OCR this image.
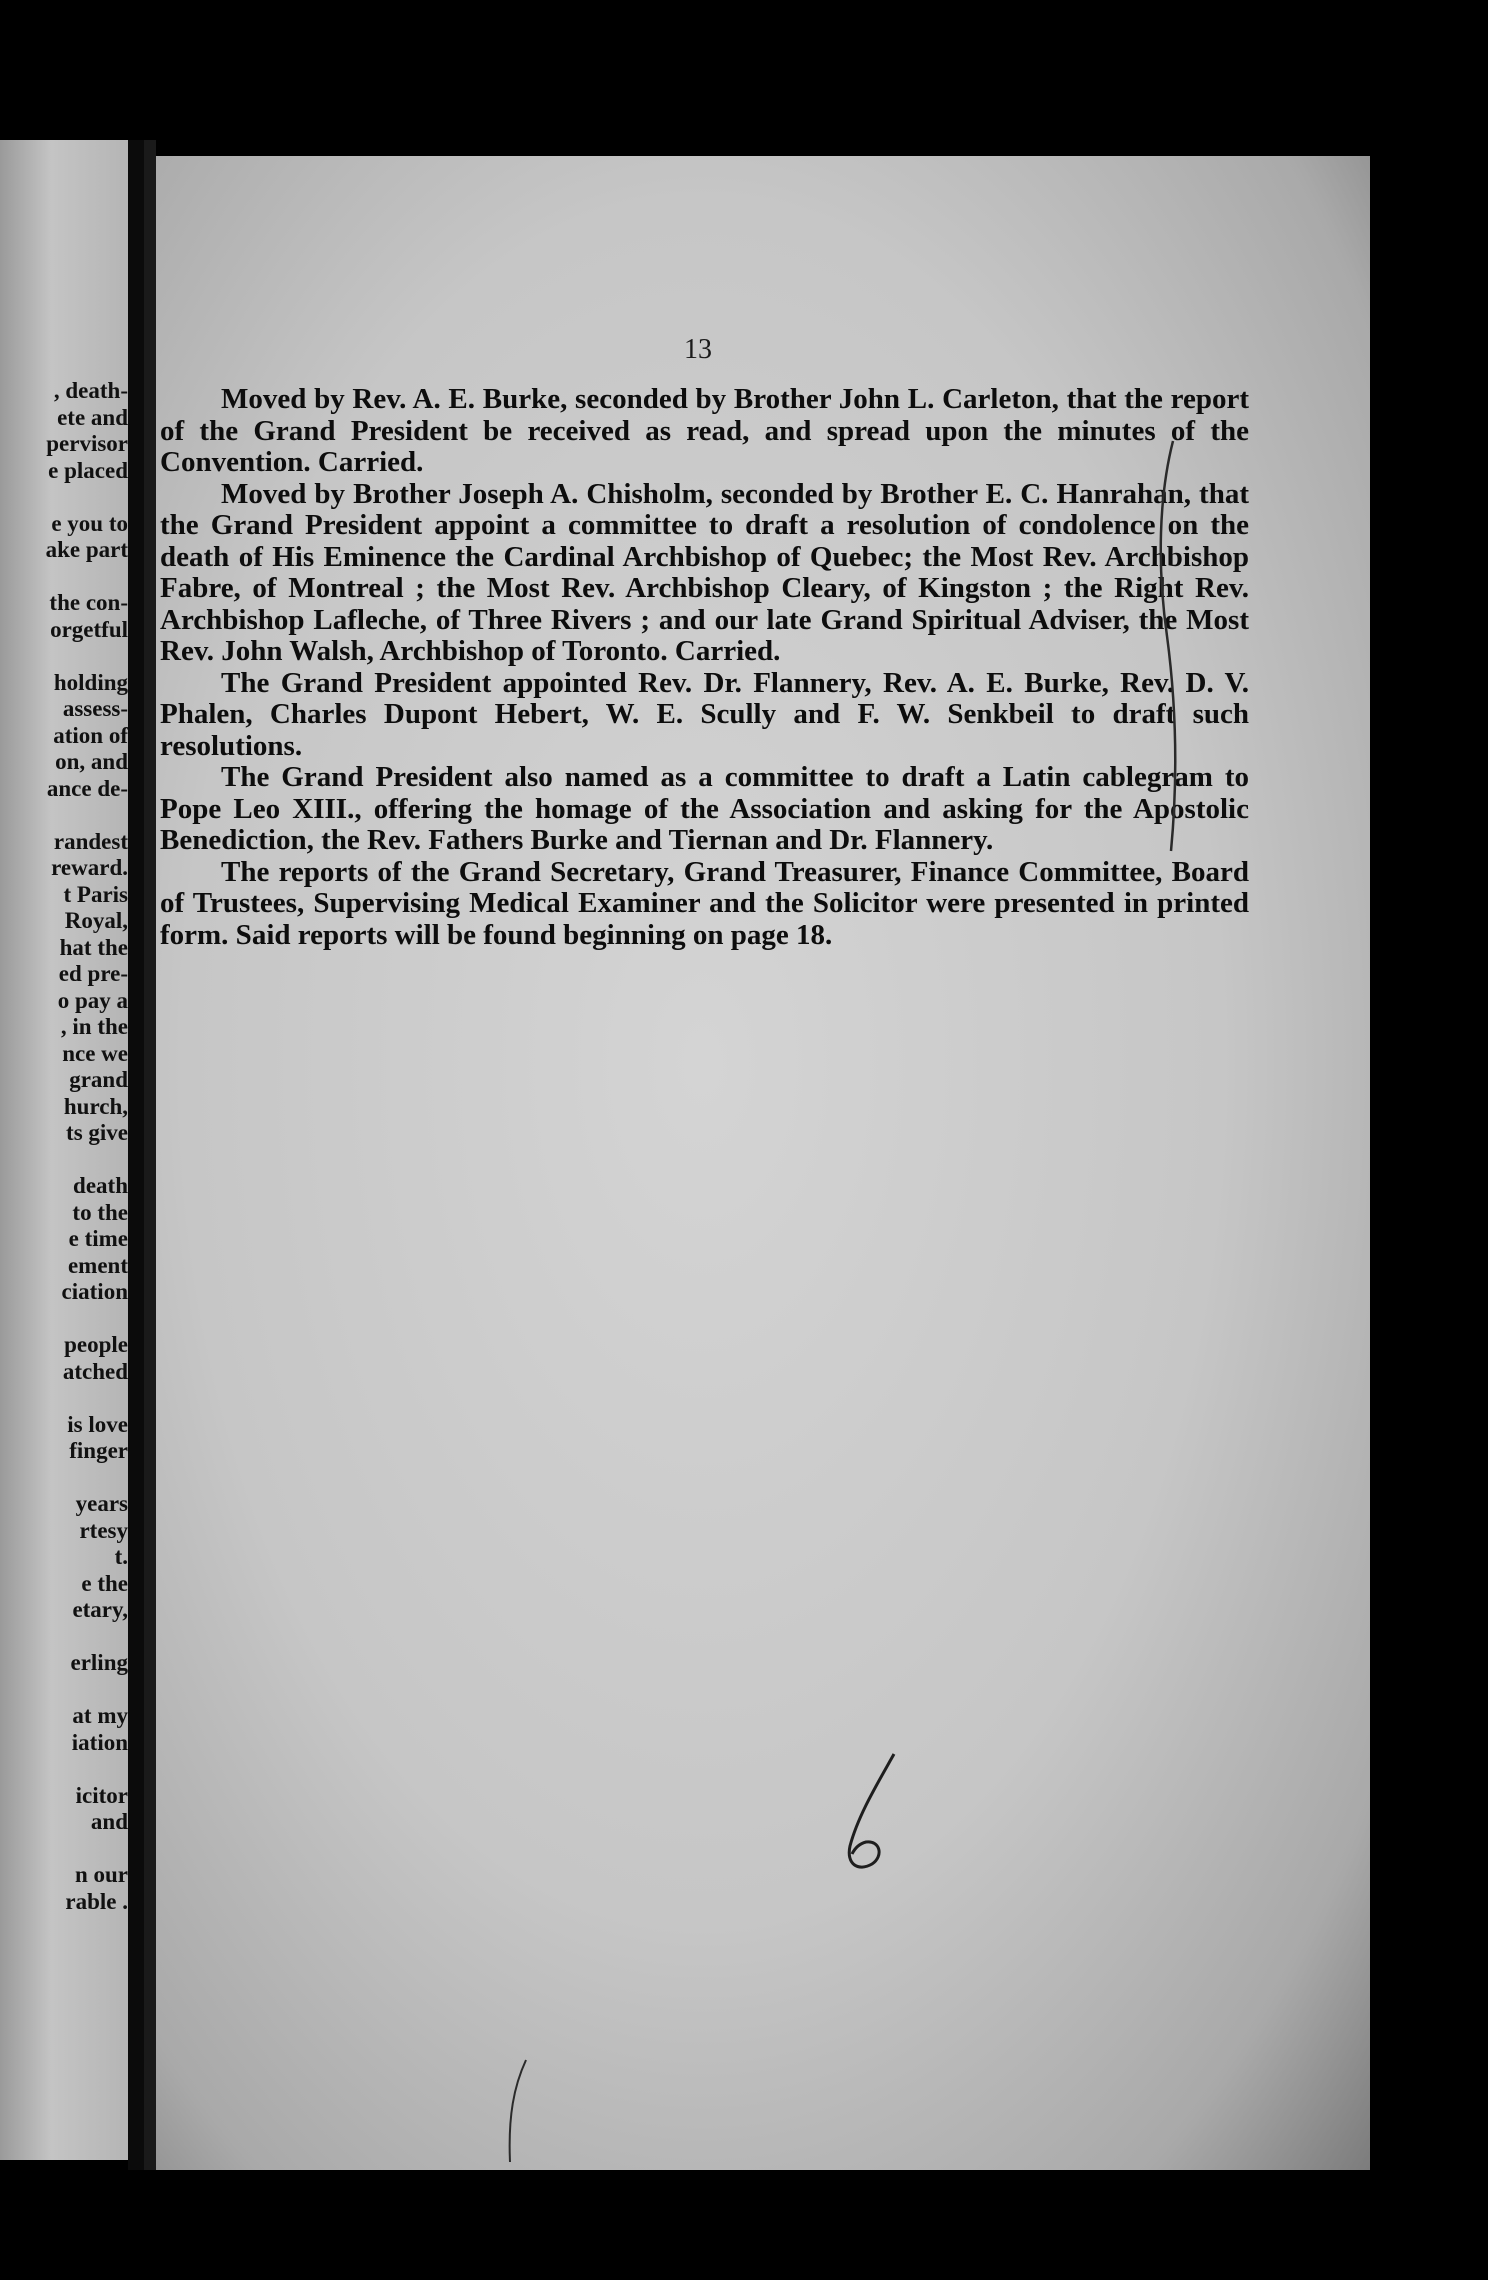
, death-
ete and
pervisor
e placed
e you to
ake part
the con-
orgetful
holding
assess-
ation of
on, and
ance de-
randest
reward.
t Paris
Royal,
hat the
ed pre-
o pay a
, in the
nce we
grand
hurch,
ts give
death
to the
e time
ement
ciation
people
atched
is love
finger
years
rtesy
t.
e the
etary,
erling
at my
iation
icitor
and
n our
rable .
13

Moved by Rev. A. E. Burke, seconded by Brother John L. Carleton, that the report of the Grand President be received as read, and spread upon the minutes of the Convention. Carried.

Moved by Brother Joseph A. Chisholm, seconded by Brother E. C. Hanrahan, that the Grand President appoint a committee to draft a resolution of condolence on the death of His Eminence the Cardinal Archbishop of Quebec; the Most Rev. Archbishop Fabre, of Montreal ; the Most Rev. Archbishop Cleary, of Kingston ; the Right Rev. Archbishop Lafleche, of Three Rivers ; and our late Grand Spiritual Adviser, the Most Rev. John Walsh, Archbishop of Toronto. Carried.

The Grand President appointed Rev. Dr. Flannery, Rev. A. E. Burke, Rev. D. V. Phalen, Charles Dupont Hebert, W. E. Scully and F. W. Senkbeil to draft such resolutions.

The Grand President also named as a committee to draft a Latin cablegram to Pope Leo XIII., offering the homage of the Association and asking for the Apostolic Benediction, the Rev. Fathers Burke and Tiernan and Dr. Flannery.

The reports of the Grand Secretary, Grand Treasurer, Finance Committee, Board of Trustees, Supervising Medical Examiner and the Solicitor were presented in printed form. Said reports will be found beginning on page 18.
